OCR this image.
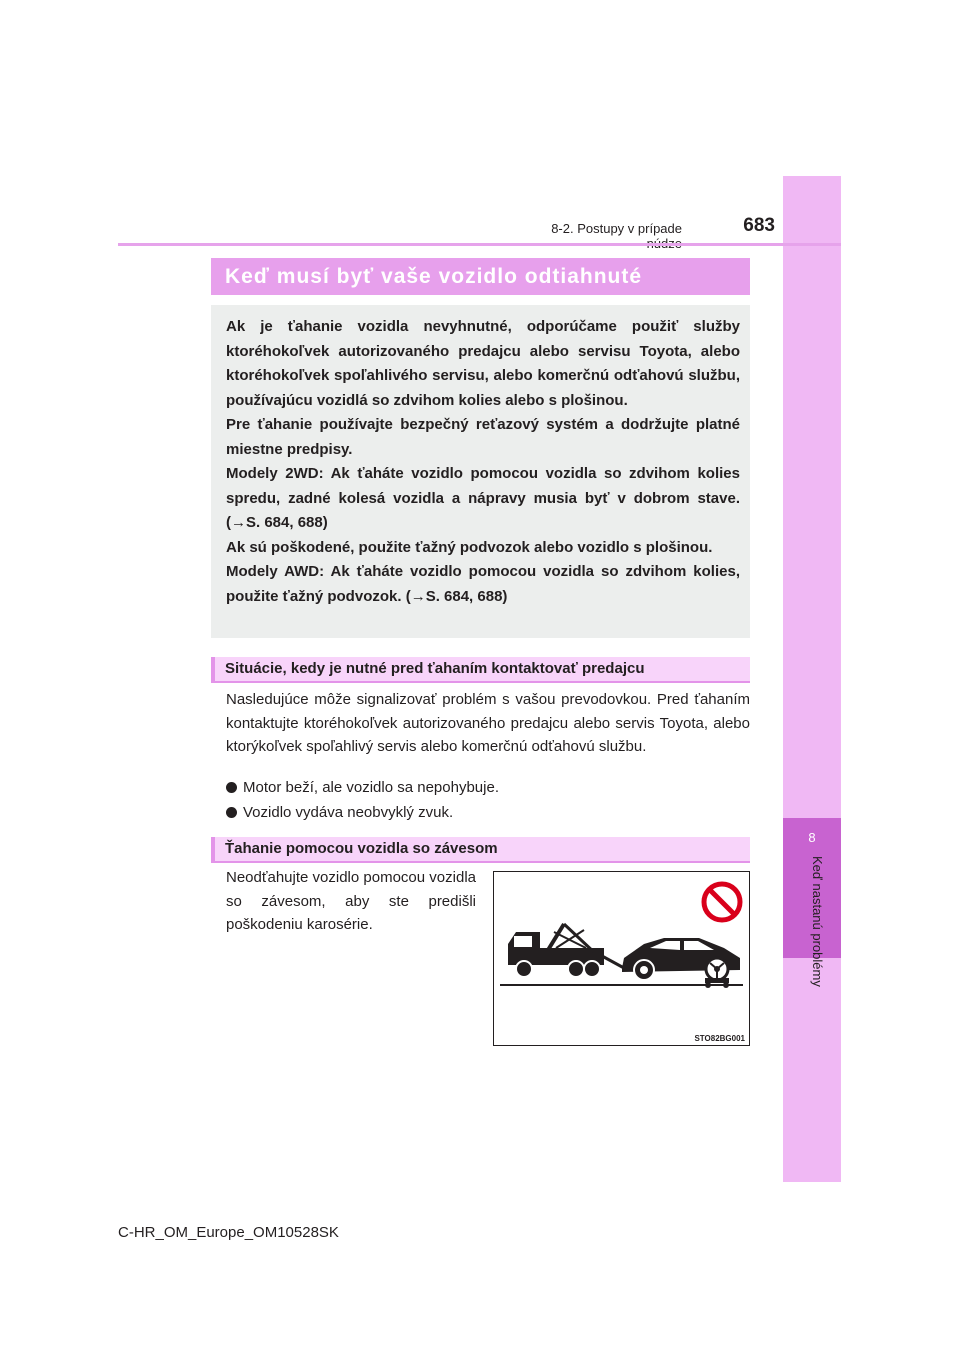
8
Keď nastanú problémy
8-2. Postupy v prípade	683
Keď musí byť vaše vozidlo odtiahnuté

Ak je ťahanie vozidla nevyhnutné, odporúčame použiť služby ktoréhokoľvek autorizovaného predajcu alebo servisu Toyota, alebo ktoréhokoľvek spoľahlivého servisu, alebo komerčnú odťahovú službu, používajúcu vozidlá so zdvihom kolies alebo s plošinou.

Pre ťahanie používajte bezpečný reťazový systém a dodržujte platné miestne predpisy.

Modely 2WD: Ak ťaháte vozidlo pomocou vozidla so zdvihom kolies spredu, zadné kolesá vozidla a nápravy musia byť v dobrom stave. (→S. 684, 688)

Ak sú poškodené, použite ťažný podvozok alebo vozidlo s plošinou.

Modely AWD: Ak ťaháte vozidlo pomocou vozidla so zdvihom kolies, použite ťažný podvozok. (→S. 684, 688)

Situácie, kedy je nutné pred ťahaním kontaktovať predajcu
Nasledujúce môže signalizovať problém s vašou prevodovkou. Pred ťahaním kontaktujte ktoréhokoľvek autorizovaného predajcu alebo servis Toyota, alebo ktorýkoľvek spoľahlivý servis alebo komerčnú odťahovú službu.
Motor beží, ale vozidlo sa nepohybuje.
Vozidlo vydáva neobvyklý zvuk.
Ťahanie pomocou vozidla so závesom
Neodťahujte vozidlo pomocou vozidla so závesom, aby ste predišli poškodeniu karosérie.
STO82BG001
C-HR_OM_Europe_OM10528SK
